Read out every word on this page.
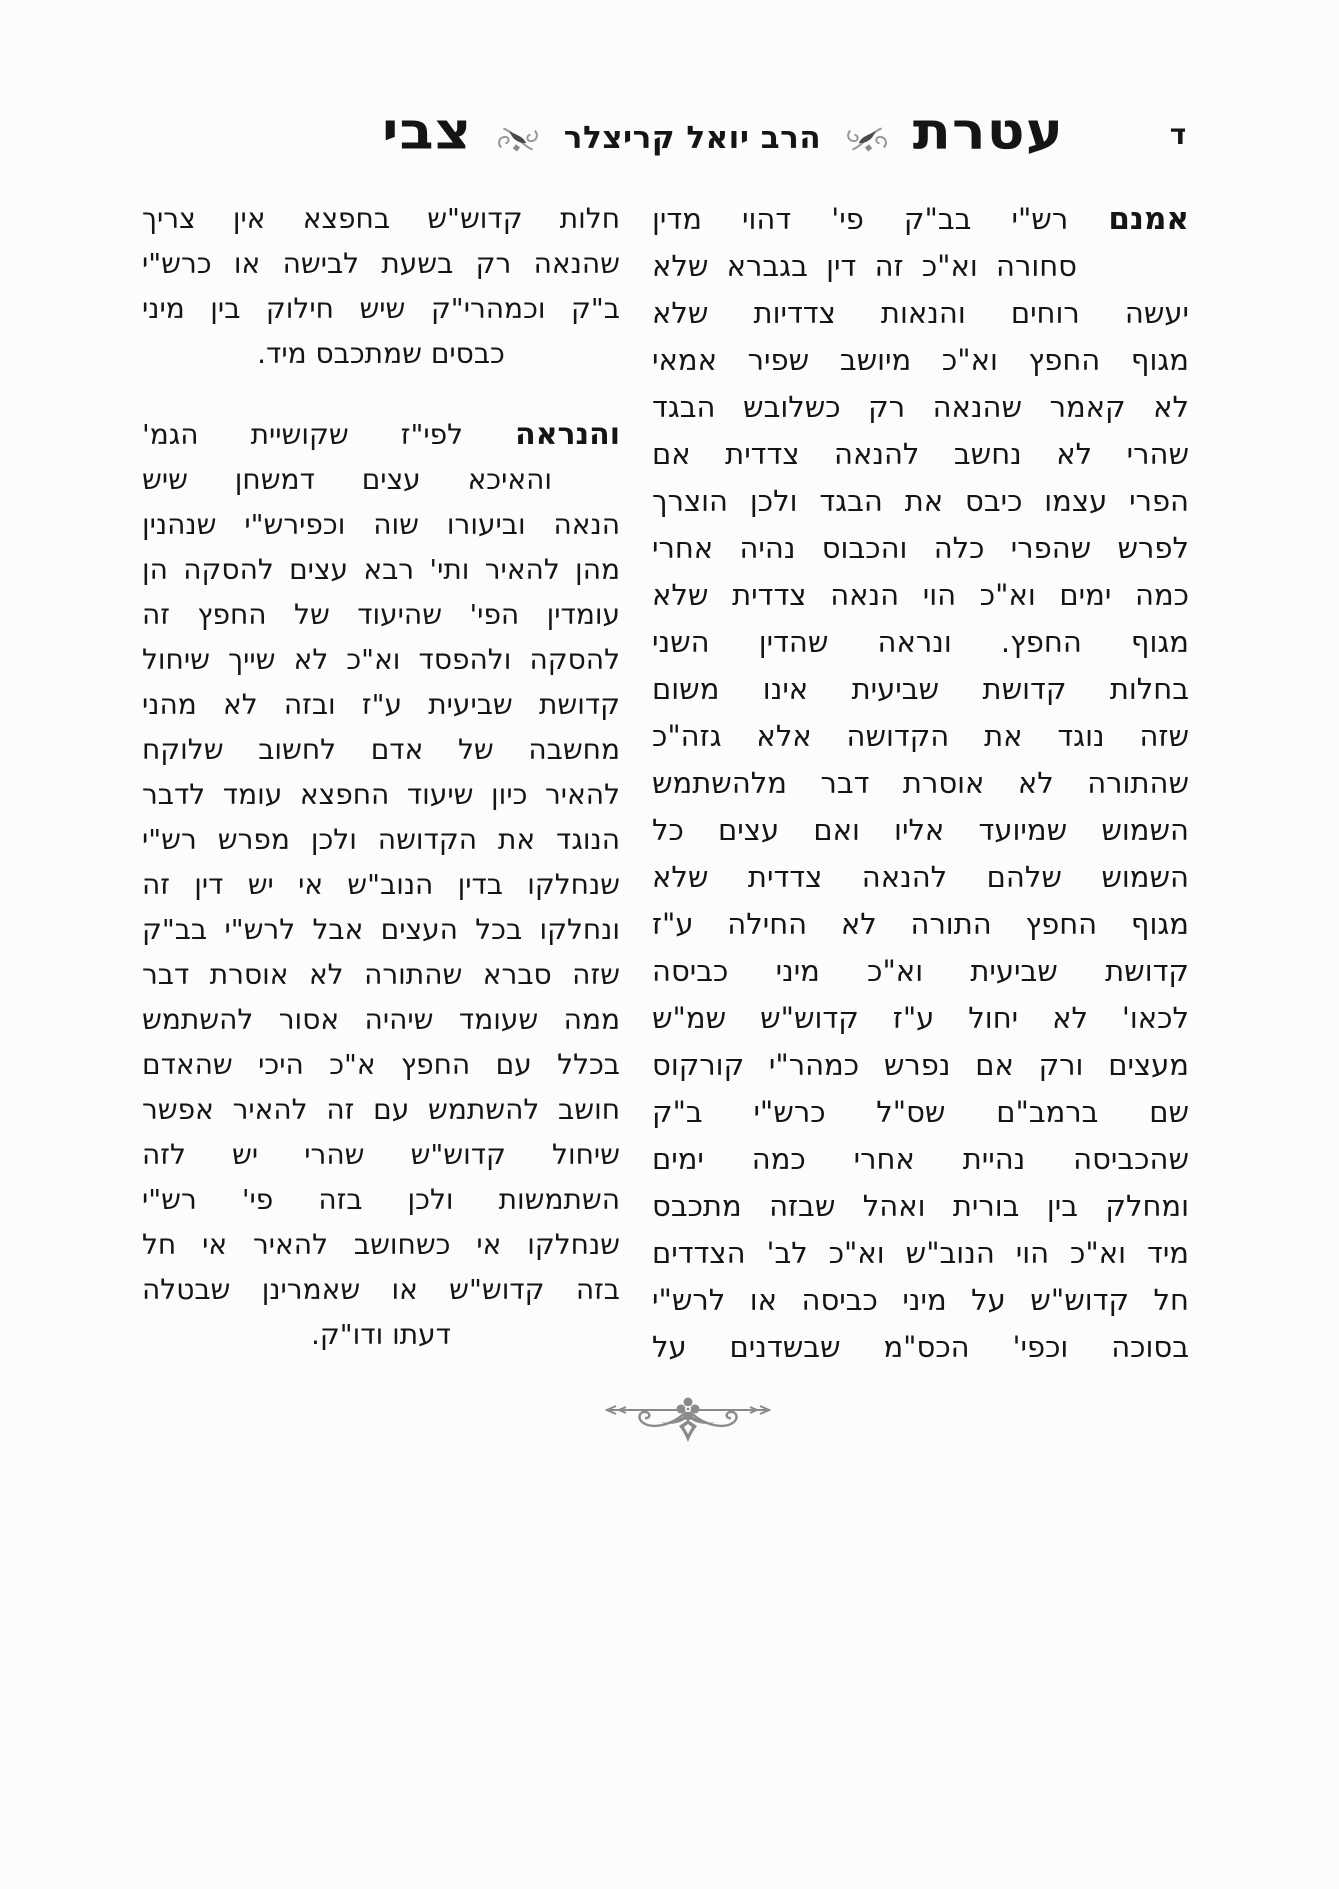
ד
עטרת
הרב יואל קריצלר
צבי
אמנם רש"י בב"ק פי' דהוי מדין
סחורה וא"כ זה דין בגברא שלא
יעשה רוחים והנאות צדדיות שלא
מגוף החפץ וא"כ מיושב שפיר אמאי
לא קאמר שהנאה רק כשלובש הבגד
שהרי לא נחשב להנאה צדדית אם
הפרי עצמו כיבס את הבגד ולכן הוצרך
לפרש שהפרי כלה והכבוס נהיה אחרי
כמה ימים וא"כ הוי הנאה צדדית שלא
מגוף החפץ. ונראה שהדין השני
בחלות קדושת שביעית אינו משום
שזה נוגד את הקדושה אלא גזה"כ
שהתורה לא אוסרת דבר מלהשתמש
השמוש שמיועד אליו ואם עצים כל
השמוש שלהם להנאה צדדית שלא
מגוף החפץ התורה לא החילה ע"ז
קדושת שביעית וא"כ מיני כביסה
לכאו' לא יחול ע"ז קדוש"ש שמ"ש
מעצים ורק אם נפרש כמהר"י קורקוס
שם ברמב"ם שס"ל כרש"י ב"ק
שהכביסה נהיית אחרי כמה ימים
ומחלק בין בורית ואהל שבזה מתכבס
מיד וא"כ הוי הנוב"ש וא"כ לב' הצדדים
חל קדוש"ש על מיני כביסה או לרש"י
בסוכה וכפי' הכס"מ שבשדנים על
חלות קדוש"ש בחפצא אין צריך
שהנאה רק בשעת לבישה או כרש"י
ב"ק וכמהרי"ק שיש חילוק בין מיני
כבסים שמתכבס מיד.
והנראה לפי"ז שקושיית הגמ'
והאיכא עצים דמשחן שיש
הנאה וביעורו שוה וכפירש"י שנהנין
מהן להאיר ותי' רבא עצים להסקה הן
עומדין הפי' שהיעוד של החפץ זה
להסקה ולהפסד וא"כ לא שייך שיחול
קדושת שביעית ע"ז ובזה לא מהני
מחשבה של אדם לחשוב שלוקח
להאיר כיון שיעוד החפצא עומד לדבר
הנוגד את הקדושה ולכן מפרש רש"י
שנחלקו בדין הנוב"ש אי יש דין זה
ונחלקו בכל העצים אבל לרש"י בב"ק
שזה סברא שהתורה לא אוסרת דבר
ממה שעומד שיהיה אסור להשתמש
בכלל עם החפץ א"כ היכי שהאדם
חושב להשתמש עם זה להאיר אפשר
שיחול קדוש"ש שהרי יש לזה
השתמשות ולכן בזה פי' רש"י
שנחלקו אי כשחושב להאיר אי חל
בזה קדוש"ש או שאמרינן שבטלה
דעתו ודו"ק.
